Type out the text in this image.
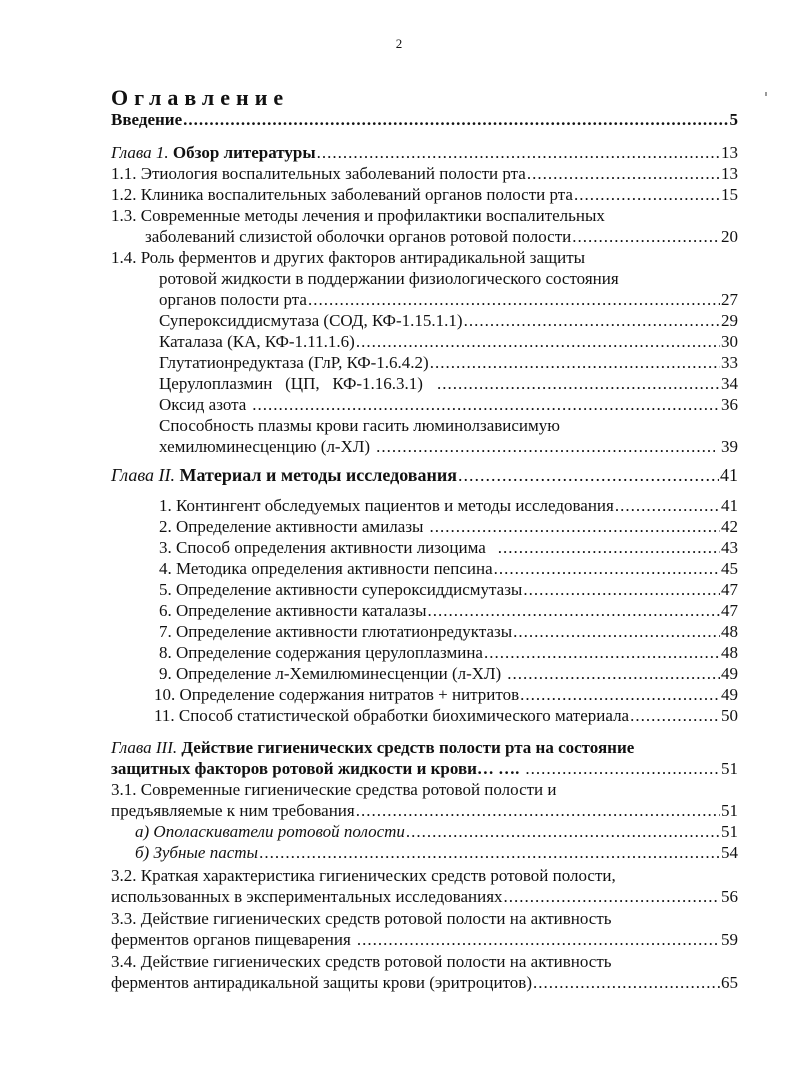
2
Оглавление
Введение .....	5
Глава 1. Обзор литературы .....	13
1.1. Этиология воспалительных заболеваний полости рта .....	13
1.2. Клиника воспалительных заболеваний органов полости рта .....	15
1.3. Современные методы лечения и профилактики воспалительных
заболеваний слизистой оболочки органов ротовой полости .....	20
1.4. Роль ферментов и других факторов антирадикальной защиты
ротовой жидкости в поддержании физиологического состояния
органов полости рта .....	27
Супероксиддисмутаза (СОД, КФ-1.15.1.1) .....	29
Каталаза (КА, КФ-1.11.1.6) .....	30
Глутатионредуктаза (ГлР, КФ-1.6.4.2) .....	33
Церулоплазмин   (ЦП,   КФ-1.16.3.1) .....	34
Оксид азота .....	36
Способность плазмы крови гасить люминолзависимую
хемилюминесценцию (л-ХЛ) .....	39
Глава II. Материал и методы исследования .....	41
1. Контингент обследуемых пациентов и методы исследования .....	41
2. Определение активности амилазы .....	42
3. Способ определения активности лизоцима .....	43
4. Методика определения активности пепсина .....	45
5. Определение активности супероксиддисмутазы .....	47
6. Определение активности каталазы .....	47
7. Определение активности глютатионредуктазы .....	48
8. Определение содержания церулоплазмина .....	48
9. Определение л-Хемилюминесценции (л-ХЛ) .....	49
10. Определение содержания нитратов + нитритов .....	49
11. Способ статистической обработки биохимического материала .....	50
Глава III. Действие гигиенических средств полости рта на состояние
защитных факторов ротовой жидкости и крови… …. .....	51
3.1. Современные гигиенические средства ротовой полости и
предъявляемые к ним требования .....	51
а) Ополаскиватели ротовой полости .....	51
б) Зубные пасты .....	54
3.2. Краткая характеристика гигиенических средств ротовой полости,
использованных в экспериментальных исследованиях .....	56
3.3. Действие гигиенических средств ротовой полости на активность
ферментов органов пищеварения .....	59
3.4. Действие гигиенических средств ротовой полости на активность
ферментов антирадикальной защиты крови (эритроцитов) .....	65
